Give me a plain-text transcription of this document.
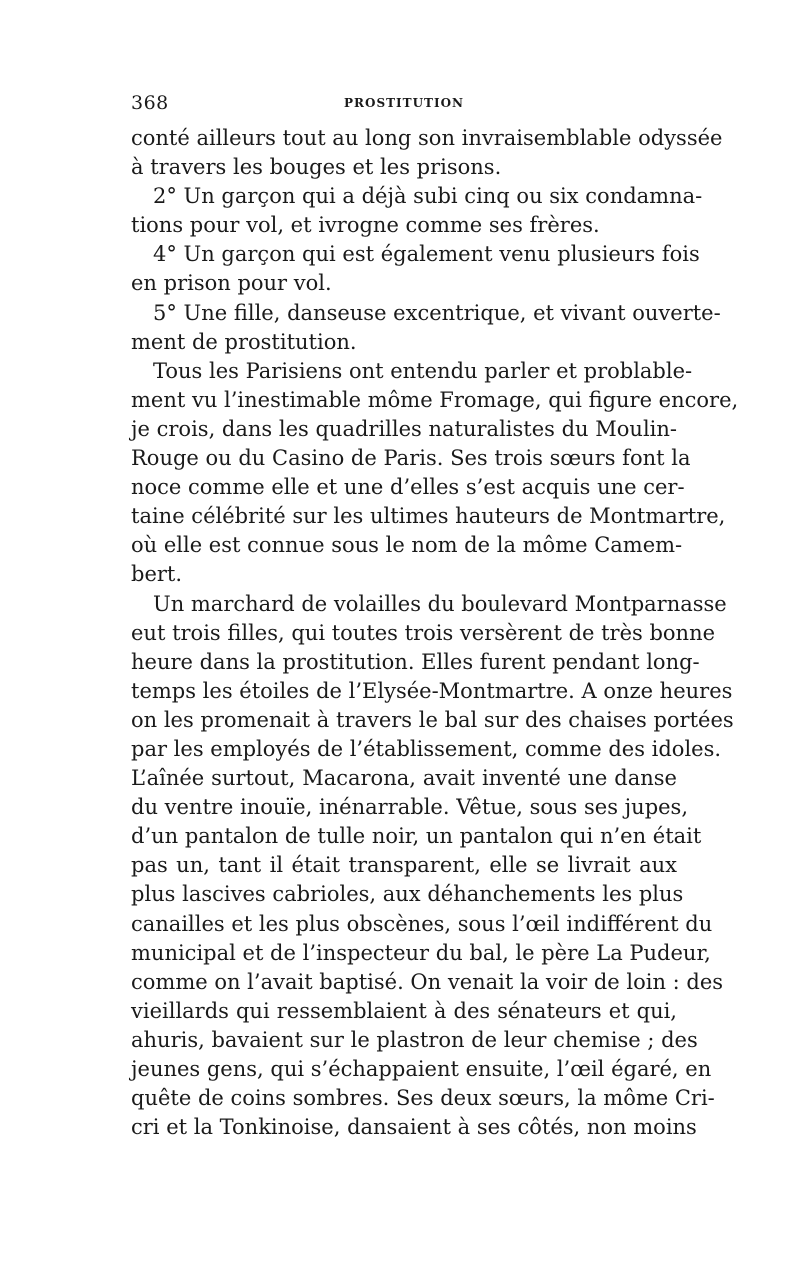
368	PROSTITUTION
conté ailleurs tout au long son invraisemblable odyssée
à travers les bouges et les prisons.
2° Un garçon qui a déjà subi cinq ou six condamna-
tions pour vol, et ivrogne comme ses frères.
4° Un garçon qui est également venu plusieurs fois
en prison pour vol.
5° Une fille, danseuse excentrique, et vivant ouverte-
ment de prostitution.
Tous les Parisiens ont entendu parler et problable-
ment vu l’inestimable môme Fromage, qui figure encore,
je crois, dans les quadrilles naturalistes du Moulin-
Rouge ou du Casino de Paris. Ses trois sœurs font la
noce comme elle et une d’elles s’est acquis une cer-
taine célébrité sur les ultimes hauteurs de Montmartre,
où elle est connue sous le nom de la môme Camem-
bert.
Un marchard de volailles du boulevard Montparnasse
eut trois filles, qui toutes trois versèrent de très bonne
heure dans la prostitution. Elles furent pendant long-
temps les étoiles de l’Elysée-Montmartre. A onze heures
on les promenait à travers le bal sur des chaises portées
par les employés de l’établissement, comme des idoles.
L’aînée surtout, Macarona, avait inventé une danse
du ventre inouïe, inénarrable. Vêtue, sous ses jupes,
d’un pantalon de tulle noir, un pantalon qui n’en était
pas un, tant il était transparent, elle se livrait aux
plus lascives cabrioles, aux déhanchements les plus
canailles et les plus obscènes, sous l’œil indifférent du
municipal et de l’inspecteur du bal, le père La Pudeur,
comme on l’avait baptisé. On venait la voir de loin : des
vieillards qui ressemblaient à des sénateurs et qui,
ahuris, bavaient sur le plastron de leur chemise ; des
jeunes gens, qui s’échappaient ensuite, l’œil égaré, en
quête de coins sombres. Ses deux sœurs, la môme Cri-
cri et la Tonkinoise, dansaient à ses côtés, non moins
